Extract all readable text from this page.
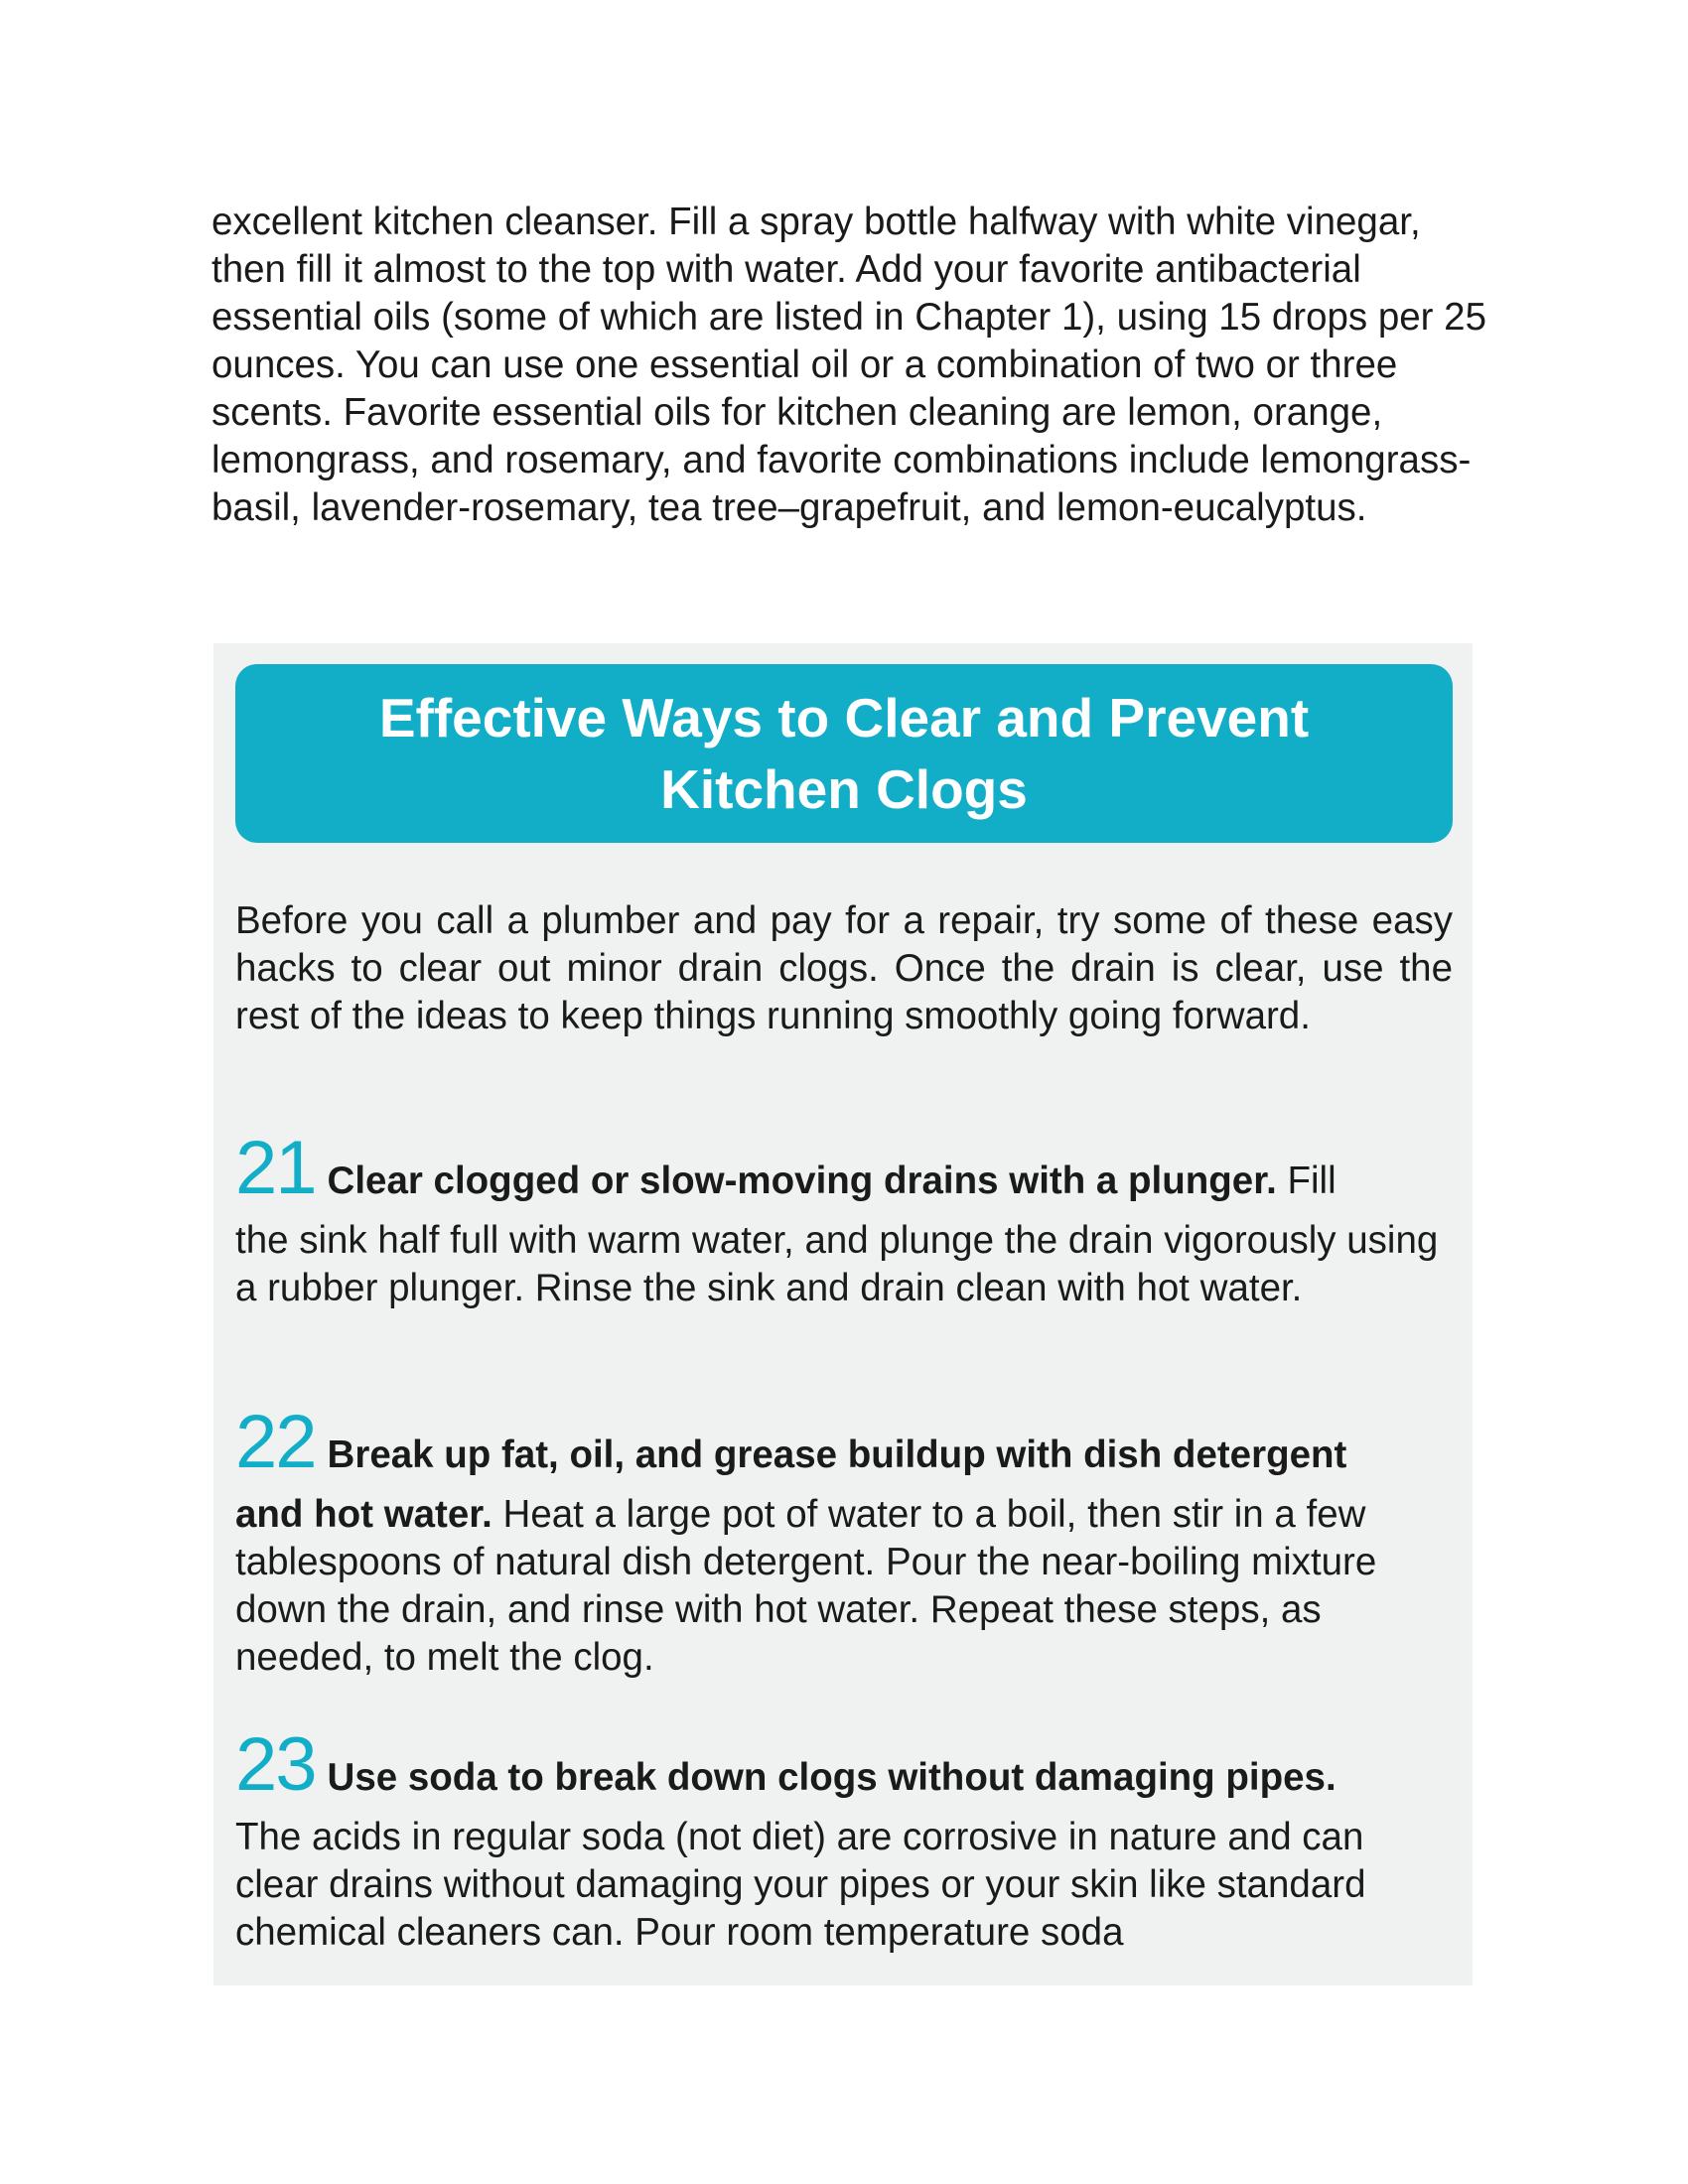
excellent kitchen cleanser. Fill a spray bottle halfway with white vinegar, then fill it almost to the top with water. Add your favorite antibacterial essential oils (some of which are listed in Chapter 1), using 15 drops per 25 ounces. You can use one essential oil or a combination of two or three scents. Favorite essential oils for kitchen cleaning are lemon, orange, lemongrass, and rosemary, and favorite combinations include lemongrass-basil, lavender-rosemary, tea tree–grapefruit, and lemon-eucalyptus.

Effective Ways to Clear and Prevent Kitchen Clogs

Before you call a plumber and pay for a repair, try some of these easy hacks to clear out minor drain clogs. Once the drain is clear, use the rest of the ideas to keep things running smoothly going forward.

21 Clear clogged or slow-moving drains with a plunger. Fill
the sink half full with warm water, and plunge the drain vigorously using a rubber plunger. Rinse the sink and drain clean with hot water.

22 Break up fat, oil, and grease buildup with dish detergent
and hot water. Heat a large pot of water to a boil, then stir in a few tablespoons of natural dish detergent. Pour the near-boiling mixture down the drain, and rinse with hot water. Repeat these steps, as needed, to melt the clog.

23 Use soda to break down clogs without damaging pipes.
The acids in regular soda (not diet) are corrosive in nature and can clear drains without damaging your pipes or your skin like standard chemical cleaners can. Pour room temperature soda
